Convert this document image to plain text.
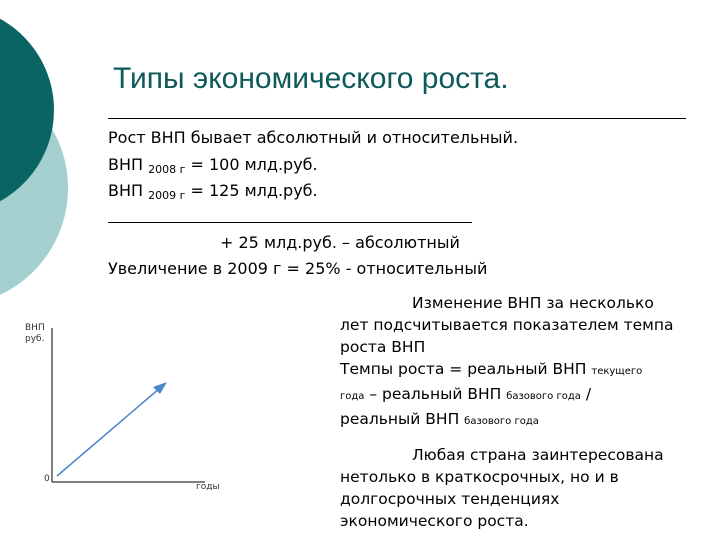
Типы экономического роста.
Рост ВНП бывает абсолютный и относительный.
ВНП $_{2008 г}$ = 100 млд.руб.
ВНП $_{2009 г}$ = 125 млд.руб.
+ 25 млд.руб. – абсолютный
Увеличение в 2009 г = 25% - относительный
Изменение ВНП за несколько
лет подсчитывается показателем темпа
роста ВНП
Темпы роста = реальный ВНП текущего
года – реальный ВНП базового года /
реальный ВНП базового года
Любая страна заинтересована
нетолько в краткосрочных, но и в
долгосрочных тенденциях
экономического роста.
ВНП
руб.
0
годы
